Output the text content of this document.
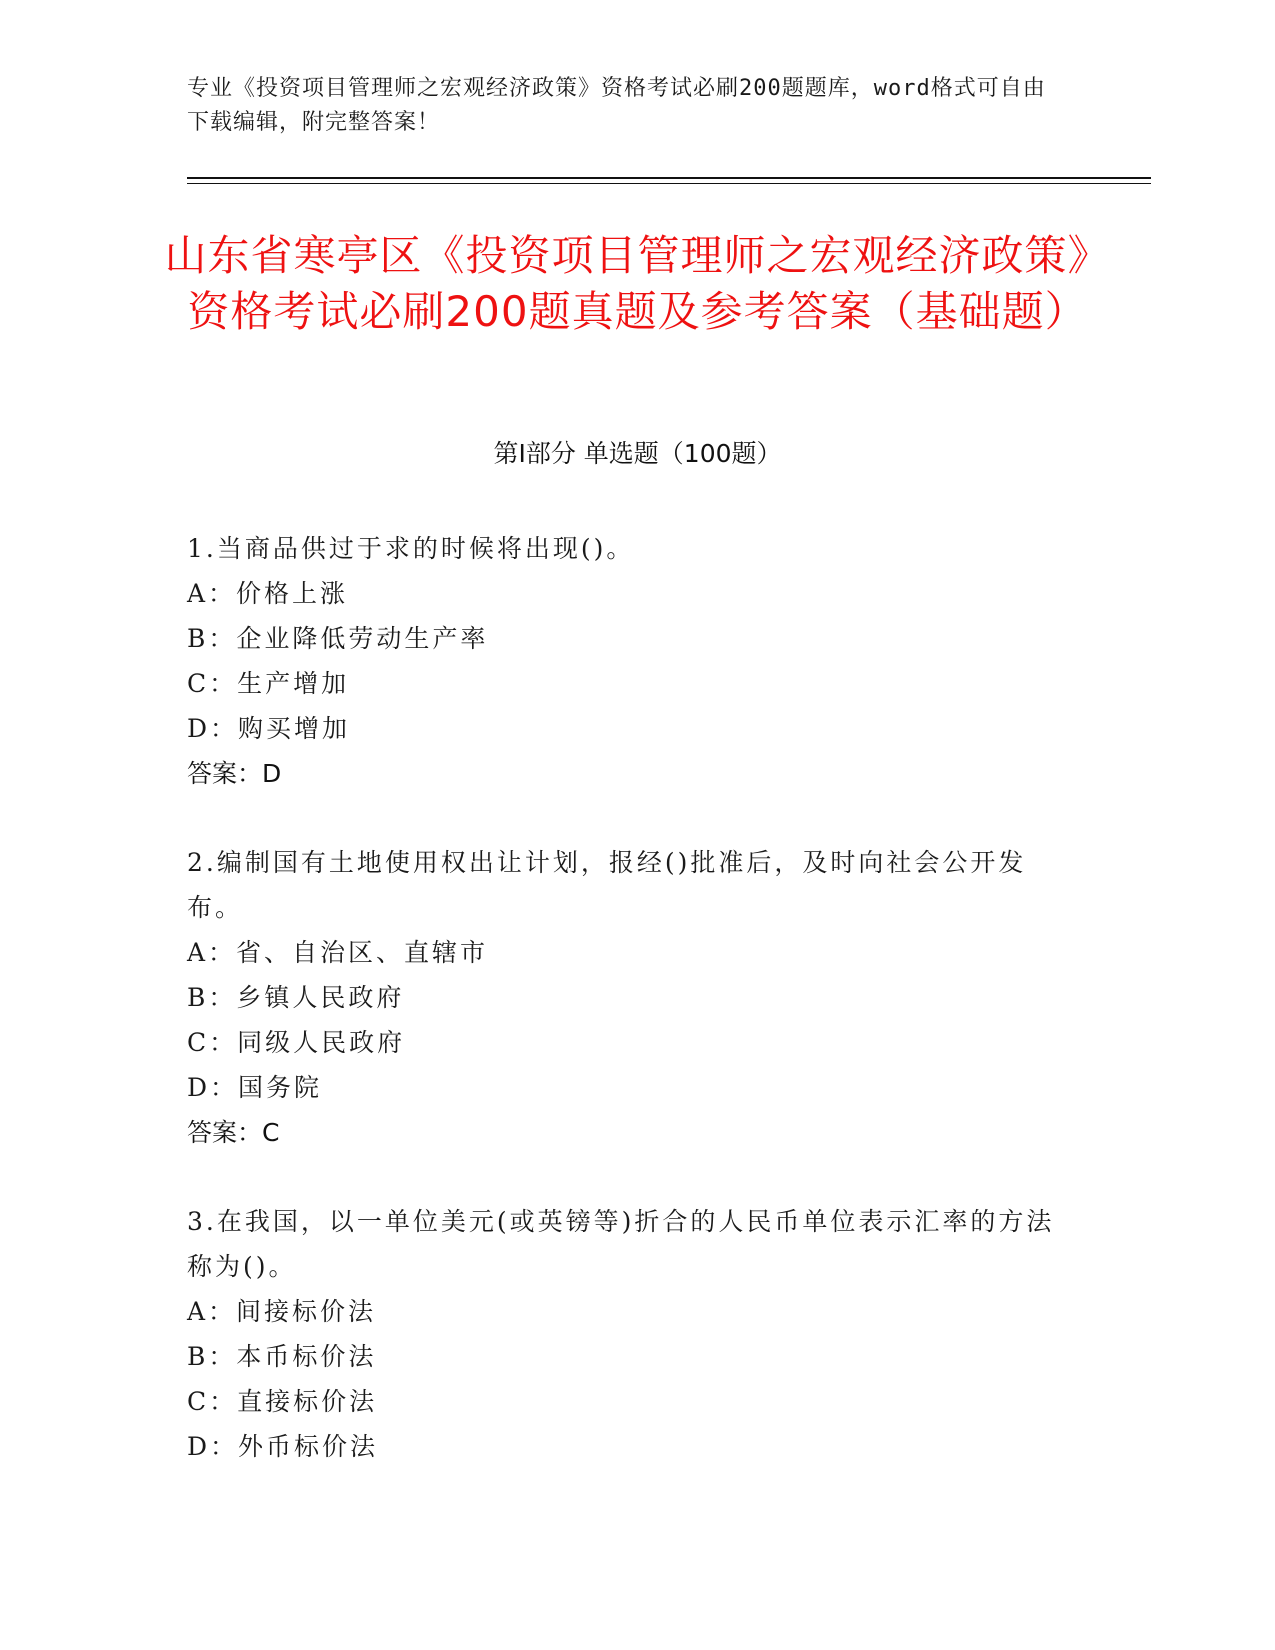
专业《投资项目管理师之宏观经济政策》资格考试必刷200题题库，word格式可自由下载编辑，附完整答案！
山东省寒亭区《投资项目管理师之宏观经济政策》资格考试必刷200题真题及参考答案（基础题）
第I部分 单选题（100题）

1.当商品供过于求的时候将出现()。

A：价格上涨

B：企业降低劳动生产率

C：生产增加

D：购买增加

答案：D

2.编制国有土地使用权出让计划，报经()批准后，及时向社会公开发布。

A：省、自治区、直辖市

B：乡镇人民政府

C：同级人民政府

D：国务院

答案：C

3.在我国，以一单位美元(或英镑等)折合的人民币单位表示汇率的方法称为()。

A：间接标价法

B：本币标价法

C：直接标价法

D：外币标价法
